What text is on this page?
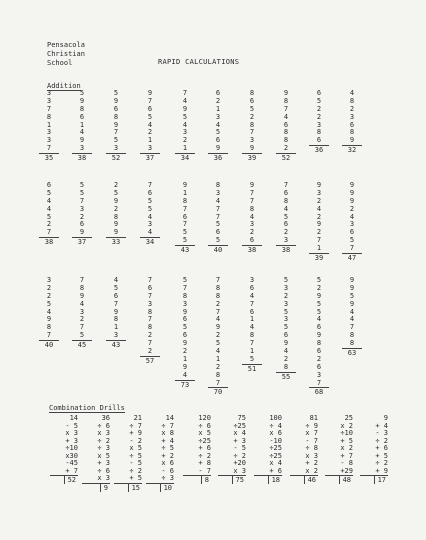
Pensacola
Christian
School	RAPID CALCULATIONS
Addition
Combination Drills
3
3
7
8
1
3
3
7
35
5
9
8
6
1
4
9
3
38
5
9
6
8
9
7
5
3
52
9
7
6
5
4
2
1
3
37
7
4
9
5
4
3
2
1
34
6
2
1
3
4
5
6
9
36
8
6
5
2
8
7
3
9
39
9
8
7
4
6
8
8
2
52
6
5
2
2
3
8
6
36
4
8
2
3
6
8
9
32
6
5
4
4
5
2
7
38
5
5
7
3
2
6
9
37
2
5
9
2
8
9
9
33
7
6
5
5
4
3
4
34
9
1
8
7
6
7
5
5
43
8
3
4
7
7
5
6
5
40
9
7
7
8
4
3
2
6
38
7
6
8
4
5
6
2
3
38
9
3
2
4
2
9
2
7
1
39
9
9
9
2
4
3
6
5
7
47
3
2
2
5
4
9
8
7
40
7
8
9
4
3
2
7
5
45
4
5
6
7
9
8
1
3
43
7
6
7
3
8
7
8
2
7
2
57
5
7
8
3
9
6
5
6
9
2
1
9
4
73
7
8
8
2
7
4
9
2
5
4
1
2
8
7
70
3
6
4
7
6
1
4
8
7
1
5
51
5
3
2
3
5
3
5
6
9
4
2
8
55
5
2
9
5
5
4
6
9
8
6
2
6
3
7
68
9
9
5
9
4
4
7
8
8
63
14
- 5
x 3
+ 3
÷10
x30
-45
+ 7
52
36
÷ 6
x 3
÷ 2
÷ 3
x 5
+ 3
÷ 6
x 3
9
21
÷ 7
+ 9
- 2
x 5
÷ 5
- 5
÷ 2
+ 5
15
14
÷ 7
x 8
+ 4
÷ 5
+ 2
x 6
- 6
÷ 3
10
120
÷ 6
x 5
÷25
+ 6
÷ 2
+ 8
- 7
8
75
÷25
x 4
+ 3
- 5
÷ 2
+20
x 3
75
100
÷ 4
x 6
-10
÷25
÷25
x 4
+ 6
18
81
÷ 9
x 7
- 7
÷ 8
x 3
+ 2
x 2
46
25
x 2
÷10
+ 5
x 2
+ 7
- 8
+29
48
9
+ 4
- 3
÷ 2
+ 6
+ 5
÷ 2
+ 9
17
